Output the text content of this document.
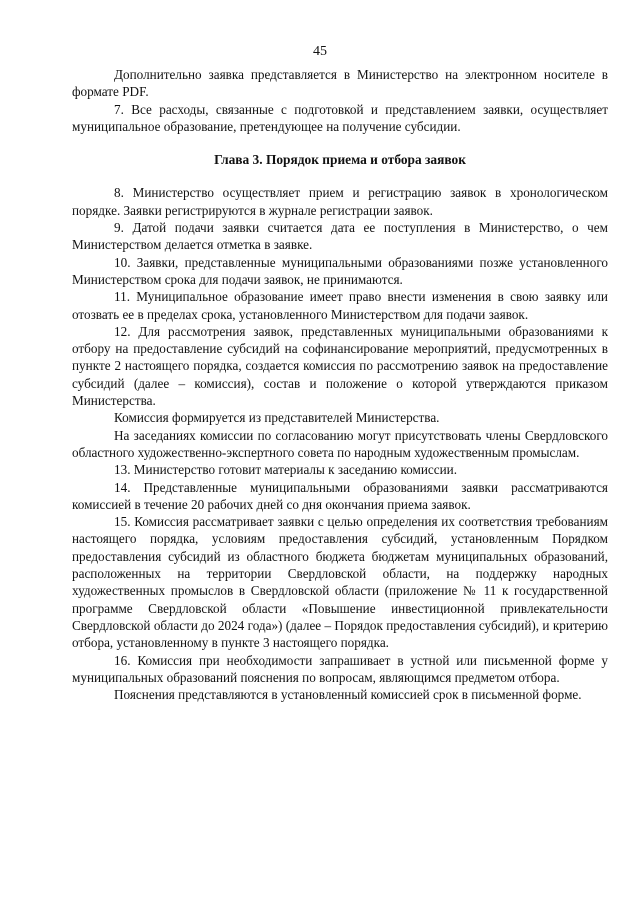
45

Дополнительно заявка представляется в Министерство на электронном носителе в формате PDF.

7. Все расходы, связанные с подготовкой и представлением заявки, осуществляет муниципальное образование, претендующее на получение субсидии.

Глава 3. Порядок приема и отбора заявок

8. Министерство осуществляет прием и регистрацию заявок в хронологическом порядке. Заявки регистрируются в журнале регистрации заявок.

9. Датой подачи заявки считается дата ее поступления в Министерство, о чем Министерством делается отметка в заявке.

10. Заявки, представленные муниципальными образованиями позже установленного Министерством срока для подачи заявок, не принимаются.

11. Муниципальное образование имеет право внести изменения в свою заявку или отозвать ее в пределах срока, установленного Министерством для подачи заявок.

12. Для рассмотрения заявок, представленных муниципальными образованиями к отбору на предоставление субсидий на софинансирование мероприятий, предусмотренных в пункте 2 настоящего порядка, создается комиссия по рассмотрению заявок на предоставление субсидий (далее – комиссия), состав и положение о которой утверждаются приказом Министерства.

Комиссия формируется из представителей Министерства.

На заседаниях комиссии по согласованию могут присутствовать члены Свердловского областного художественно-экспертного совета по народным художественным промыслам.

13. Министерство готовит материалы к заседанию комиссии.

14. Представленные муниципальными образованиями заявки рассматриваются комиссией в течение 20 рабочих дней со дня окончания приема заявок.

15. Комиссия рассматривает заявки с целью определения их соответствия требованиям настоящего порядка, условиям предоставления субсидий, установленным Порядком предоставления субсидий из областного бюджета бюджетам муниципальных образований, расположенных на территории Свердловской области, на поддержку народных художественных промыслов в Свердловской области (приложение № 11 к государственной программе Свердловской области «Повышение инвестиционной привлекательности Свердловской области до 2024 года») (далее – Порядок предоставления субсидий), и критерию отбора, установленному в пункте 3 настоящего порядка.

16. Комиссия при необходимости запрашивает в устной или письменной форме у муниципальных образований пояснения по вопросам, являющимся предметом отбора.

Пояснения представляются в установленный комиссией срок в письменной форме.
